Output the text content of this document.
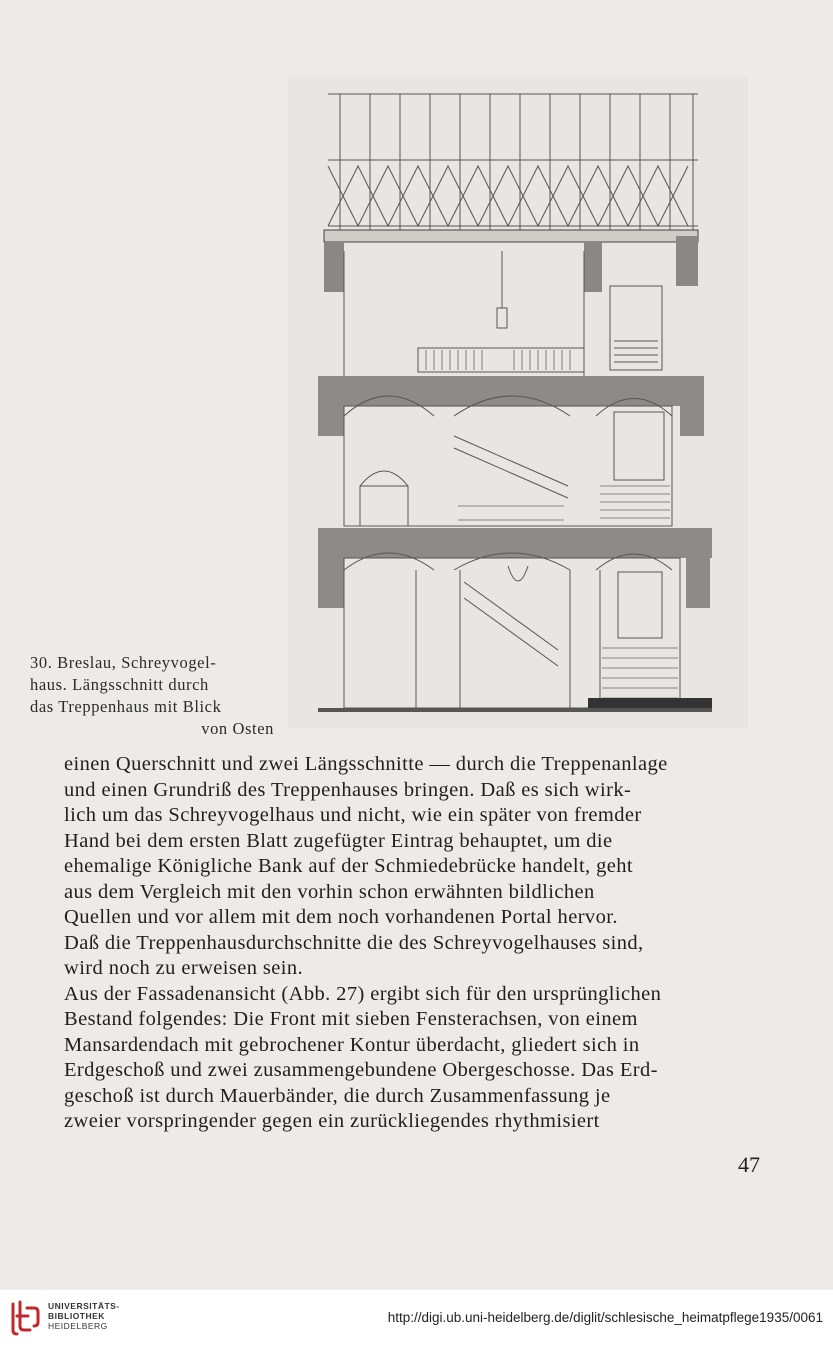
30. Breslau, Schreyvogel-
haus. Längsschnitt durch
das Treppenhaus mit Blick
von Osten
einen Querschnitt und zwei Längsschnitte — durch die Treppenanlage
und einen Grundriß des Treppenhauses bringen. Daß es sich wirk-
lich um das Schreyvogelhaus und nicht, wie ein später von fremder
Hand bei dem ersten Blatt zugefügter Eintrag behauptet, um die
ehemalige Königliche Bank auf der Schmiedebrücke handelt, geht
aus dem Vergleich mit den vorhin schon erwähnten bildlichen
Quellen und vor allem mit dem noch vorhandenen Portal hervor.
Daß die Treppenhausdurchschnitte die des Schreyvogelhauses sind,
wird noch zu erweisen sein.
Aus der Fassadenansicht (Abb. 27) ergibt sich für den ursprünglichen
Bestand folgendes: Die Front mit sieben Fensterachsen, von einem
Mansardendach mit gebrochener Kontur überdacht, gliedert sich in
Erdgeschoß und zwei zusammengebundene Obergeschosse. Das Erd-
geschoß ist durch Mauerbänder, die durch Zusammenfassung je
zweier vorspringender gegen ein zurückliegendes rhythmisiert
47
UNIVERSITÄTS-
BIBLIOTHEK
HEIDELBERG
http://digi.ub.uni-heidelberg.de/diglit/schlesische_heimatpflege1935/0061
